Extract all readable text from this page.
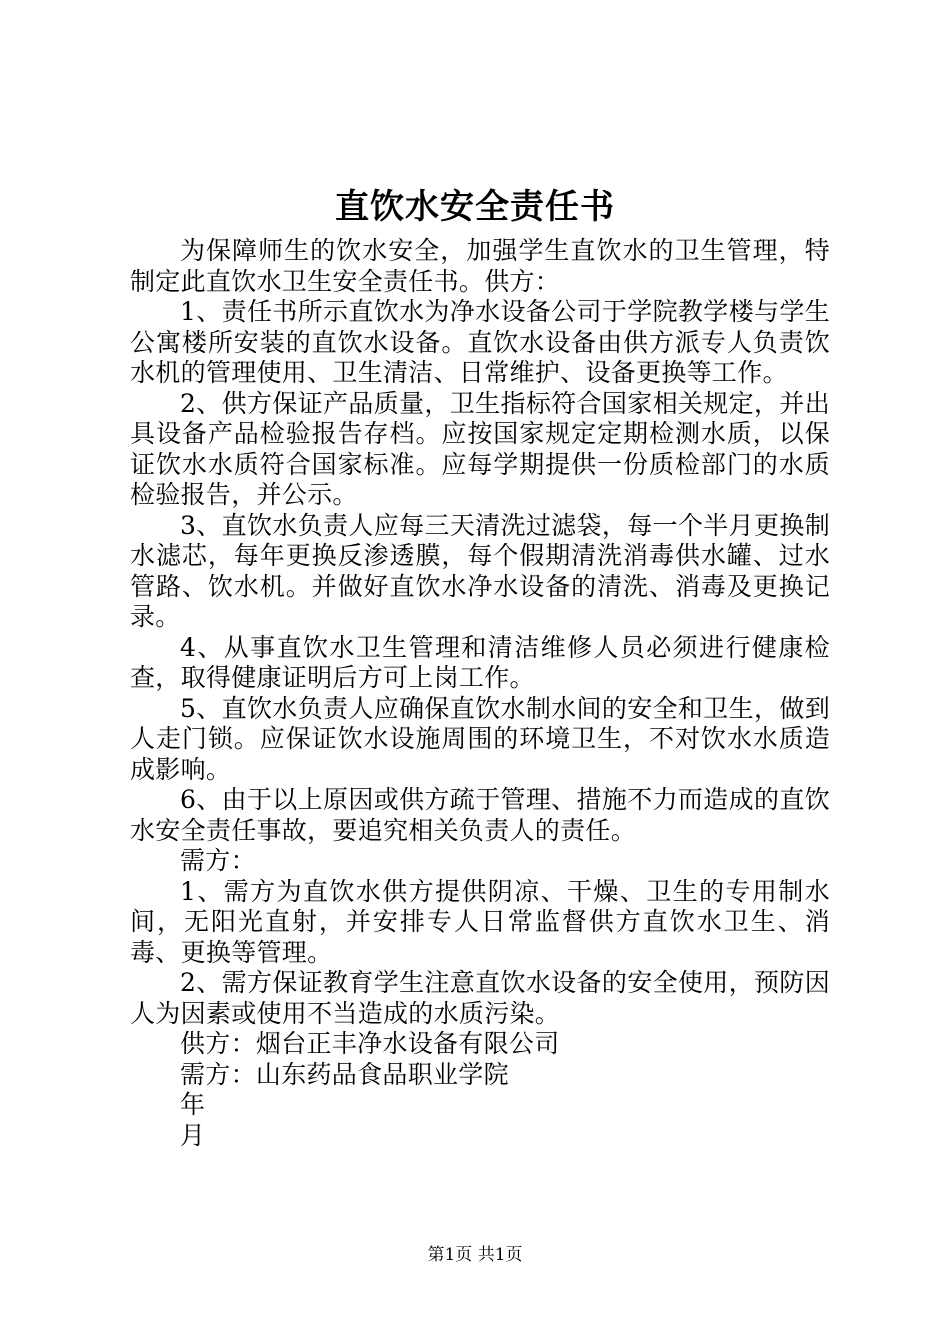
直饮水安全责任书

为保障师生的饮水安全，加强学生直饮水的卫生管理，特制定此直饮水卫生安全责任书。供方：

1、责任书所示直饮水为净水设备公司于学院教学楼与学生公寓楼所安装的直饮水设备。直饮水设备由供方派专人负责饮水机的管理使用、卫生清洁、日常维护、设备更换等工作。

2、供方保证产品质量，卫生指标符合国家相关规定，并出具设备产品检验报告存档。应按国家规定定期检测水质，以保证饮水水质符合国家标准。应每学期提供一份质检部门的水质检验报告，并公示。

3、直饮水负责人应每三天清洗过滤袋，每一个半月更换制水滤芯，每年更换反渗透膜，每个假期清洗消毒供水罐、过水管路、饮水机。并做好直饮水净水设备的清洗、消毒及更换记录。

4、从事直饮水卫生管理和清洁维修人员必须进行健康检查，取得健康证明后方可上岗工作。

5、直饮水负责人应确保直饮水制水间的安全和卫生，做到人走门锁。应保证饮水设施周围的环境卫生，不对饮水水质造成影响。

6、由于以上原因或供方疏于管理、措施不力而造成的直饮水安全责任事故，要追究相关负责人的责任。

需方：

1、需方为直饮水供方提供阴凉、干燥、卫生的专用制水间，无阳光直射，并安排专人日常监督供方直饮水卫生、消毒、更换等管理。

2、需方保证教育学生注意直饮水设备的安全使用，预防因人为因素或使用不当造成的水质污染。

供方：烟台正丰净水设备有限公司

需方：山东药品食品职业学院

年

月

第1页 共1页
